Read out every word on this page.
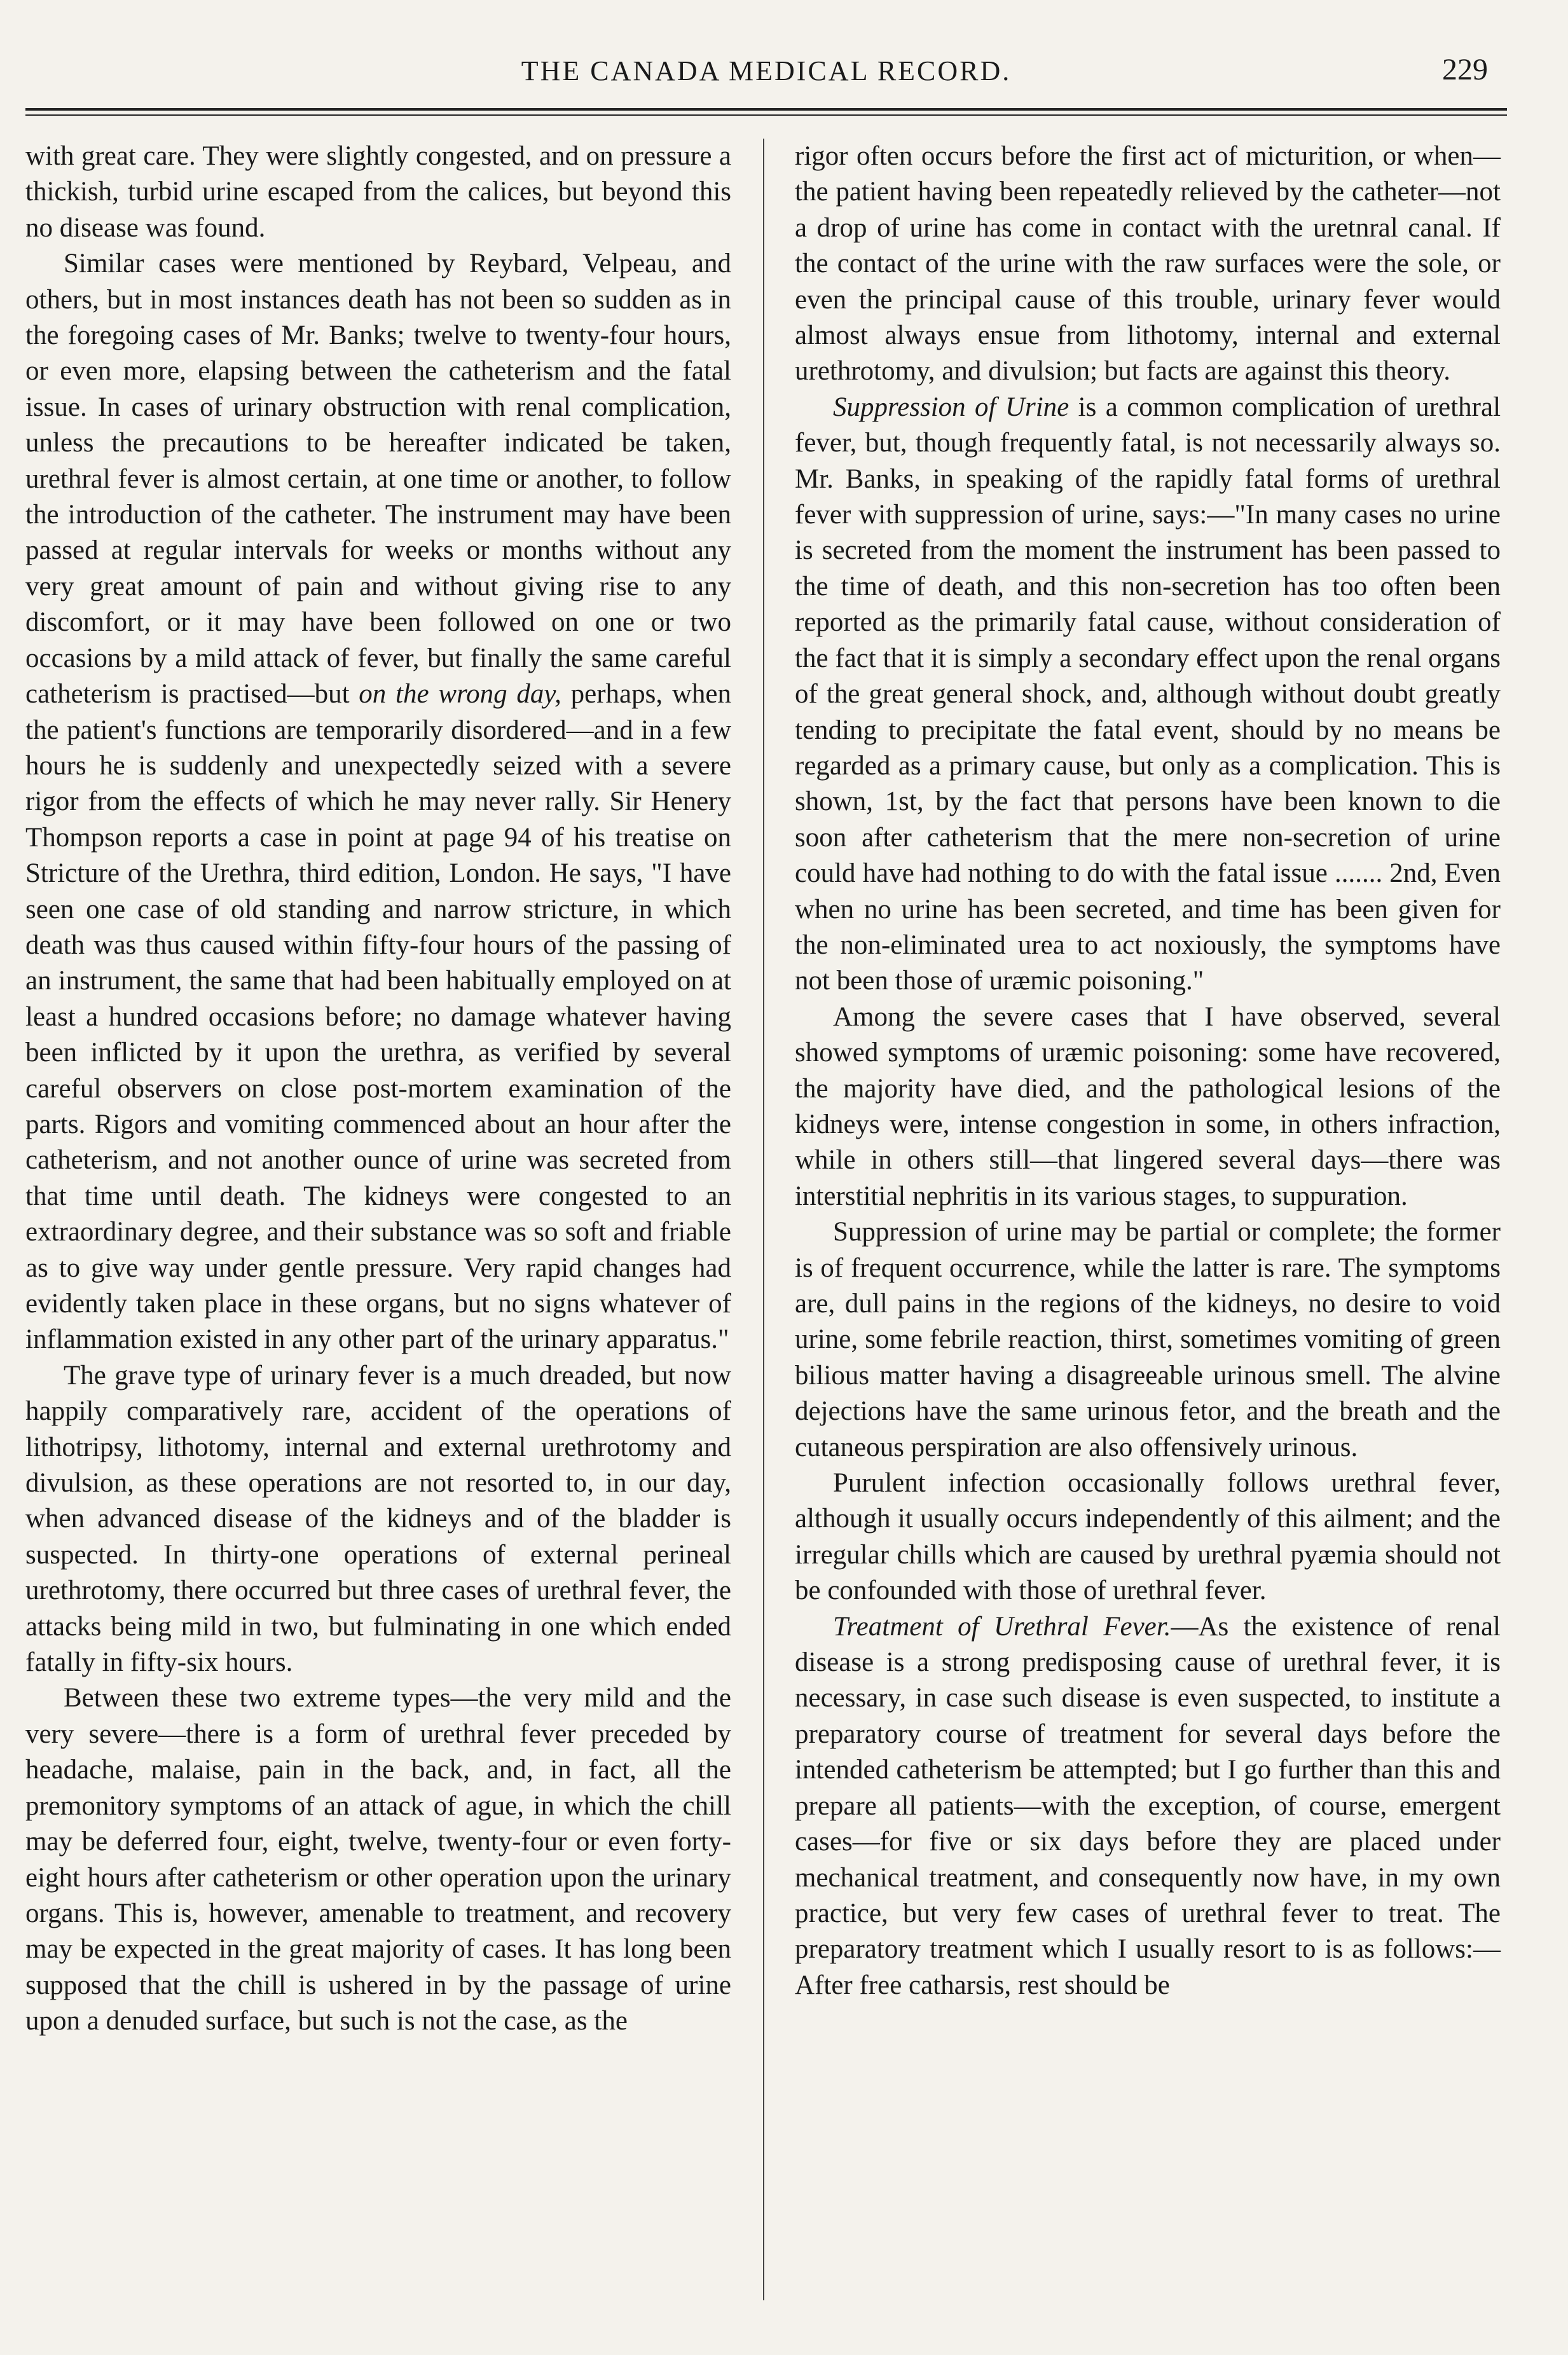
THE CANADA MEDICAL RECORD.	229

with great care. They were slightly congested, and on pressure a thickish, turbid urine escaped from the calices, but beyond this no disease was found.

Similar cases were mentioned by Reybard, Velpeau, and others, but in most instances death has not been so sudden as in the foregoing cases of Mr. Banks; twelve to twenty-four hours, or even more, elapsing between the catheterism and the fatal issue. In cases of urinary obstruction with renal complication, unless the precautions to be hereafter indicated be taken, urethral fever is almost certain, at one time or another, to follow the introduction of the catheter. The instrument may have been passed at regular intervals for weeks or months without any very great amount of pain and without giving rise to any discomfort, or it may have been followed on one or two occasions by a mild attack of fever, but finally the same careful catheterism is practised—but on the wrong day, perhaps, when the patient's functions are temporarily disordered—and in a few hours he is suddenly and unexpectedly seized with a severe rigor from the effects of which he may never rally. Sir Henery Thompson reports a case in point at page 94 of his treatise on Stricture of the Urethra, third edition, London. He says, "I have seen one case of old standing and narrow stricture, in which death was thus caused within fifty-four hours of the passing of an instrument, the same that had been habitually employed on at least a hundred occasions before; no damage whatever having been inflicted by it upon the urethra, as verified by several careful observers on close post-mortem examination of the parts. Rigors and vomiting commenced about an hour after the catheterism, and not another ounce of urine was secreted from that time until death. The kidneys were congested to an extraordinary degree, and their substance was so soft and friable as to give way under gentle pressure. Very rapid changes had evidently taken place in these organs, but no signs whatever of inflammation existed in any other part of the urinary apparatus."

The grave type of urinary fever is a much dreaded, but now happily comparatively rare, accident of the operations of lithotripsy, lithotomy, internal and external urethrotomy and divulsion, as these operations are not resorted to, in our day, when advanced disease of the kidneys and of the bladder is suspected. In thirty-one operations of external perineal urethrotomy, there occurred but three cases of urethral fever, the attacks being mild in two, but fulminating in one which ended fatally in fifty-six hours.

Between these two extreme types—the very mild and the very severe—there is a form of urethral fever preceded by headache, malaise, pain in the back, and, in fact, all the premonitory symptoms of an attack of ague, in which the chill may be deferred four, eight, twelve, twenty-four or even forty-eight hours after catheterism or other operation upon the urinary organs. This is, however, amenable to treatment, and recovery may be expected in the great majority of cases. It has long been supposed that the chill is ushered in by the passage of urine upon a denuded surface, but such is not the case, as the

rigor often occurs before the first act of micturition, or when—the patient having been repeatedly relieved by the catheter—not a drop of urine has come in contact with the uretnral canal. If the contact of the urine with the raw surfaces were the sole, or even the principal cause of this trouble, urinary fever would almost always ensue from lithotomy, internal and external urethrotomy, and divulsion; but facts are against this theory.

Suppression of Urine is a common complication of urethral fever, but, though frequently fatal, is not necessarily always so. Mr. Banks, in speaking of the rapidly fatal forms of urethral fever with suppression of urine, says:—"In many cases no urine is secreted from the moment the instrument has been passed to the time of death, and this non-secretion has too often been reported as the primarily fatal cause, without consideration of the fact that it is simply a secondary effect upon the renal organs of the great general shock, and, although without doubt greatly tending to precipitate the fatal event, should by no means be regarded as a primary cause, but only as a complication. This is shown, 1st, by the fact that persons have been known to die soon after catheterism that the mere non-secretion of urine could have had nothing to do with the fatal issue ....... 2nd, Even when no urine has been secreted, and time has been given for the non-eliminated urea to act noxiously, the symptoms have not been those of uræmic poisoning."

Among the severe cases that I have observed, several showed symptoms of uræmic poisoning: some have recovered, the majority have died, and the pathological lesions of the kidneys were, intense congestion in some, in others infraction, while in others still—that lingered several days—there was interstitial nephritis in its various stages, to suppuration.

Suppression of urine may be partial or complete; the former is of frequent occurrence, while the latter is rare. The symptoms are, dull pains in the regions of the kidneys, no desire to void urine, some febrile reaction, thirst, sometimes vomiting of green bilious matter having a disagreeable urinous smell. The alvine dejections have the same urinous fetor, and the breath and the cutaneous perspiration are also offensively urinous.

Purulent infection occasionally follows urethral fever, although it usually occurs independently of this ailment; and the irregular chills which are caused by urethral pyæmia should not be confounded with those of urethral fever.

Treatment of Urethral Fever.—As the existence of renal disease is a strong predisposing cause of urethral fever, it is necessary, in case such disease is even suspected, to institute a preparatory course of treatment for several days before the intended catheterism be attempted; but I go further than this and prepare all patients—with the exception, of course, emergent cases—for five or six days before they are placed under mechanical treatment, and consequently now have, in my own practice, but very few cases of urethral fever to treat. The preparatory treatment which I usually resort to is as follows:—After free catharsis, rest should be
